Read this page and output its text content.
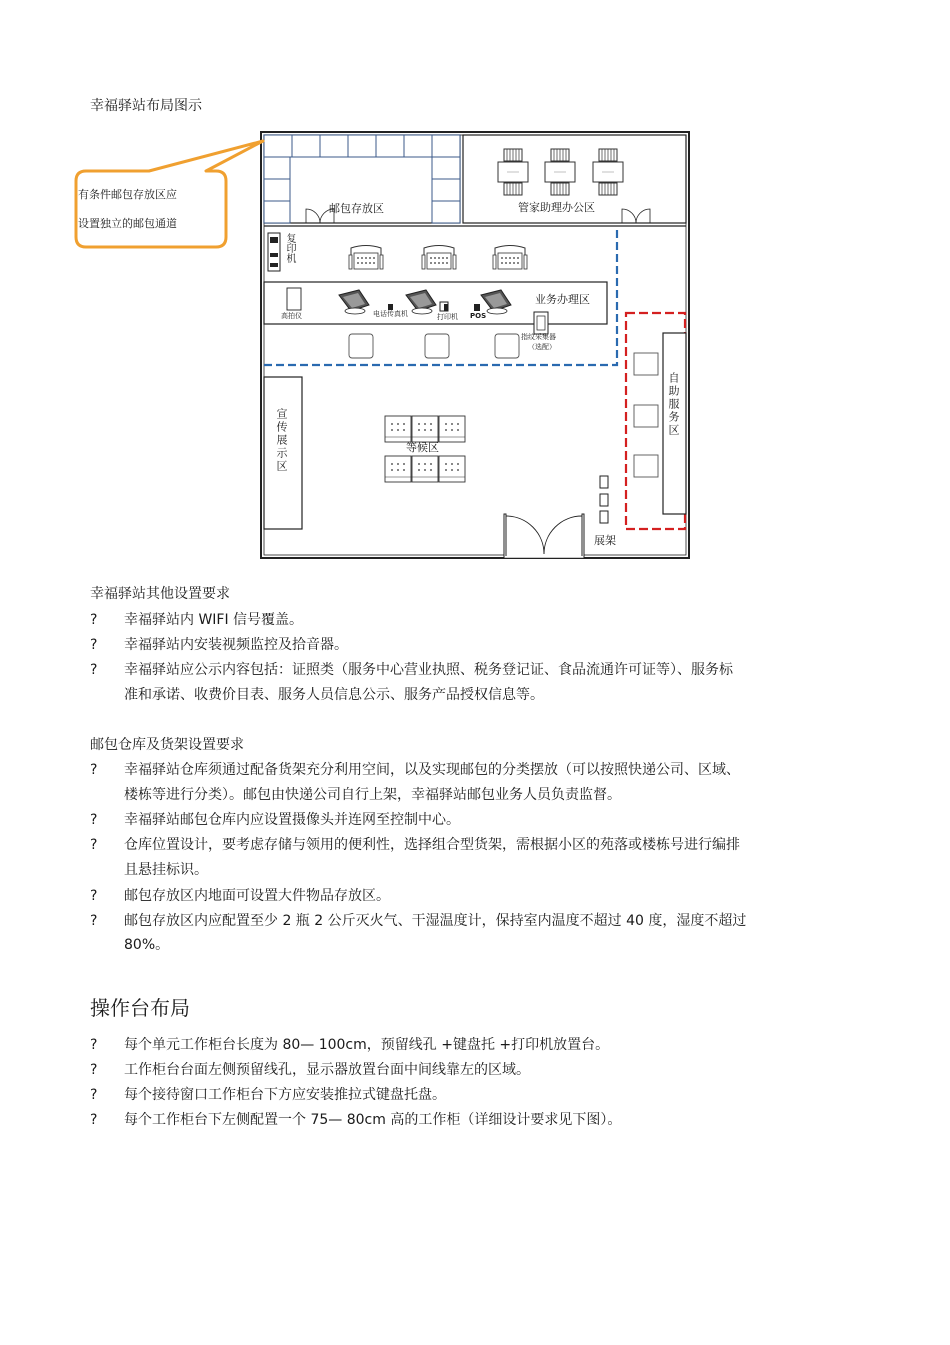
幸福驿站布局图示
有条件邮包存放区应
设置独立的邮包通道
邮包存放区	管家助理办公区
复印机
业务办理区
高拍仪	电话传真机	打印机 POS
指纹采集器
（选配）
自助服务区
宣传展示区	等候区
展架
幸福驿站其他设置要求
? 幸福驿站内 WIFI 信号覆盖。
? 幸福驿站内安装视频监控及拾音器。
? 幸福驿站应公示内容包括：证照类（服务中心营业执照、税务登记证、食品流通许可证等）、服务标
准和承诺、收费价目表、服务人员信息公示、服务产品授权信息等。
邮包仓库及货架设置要求
? 幸福驿站仓库须通过配备货架充分利用空间，以及实现邮包的分类摆放（可以按照快递公司、区域、
楼栋等进行分类）。邮包由快递公司自行上架，幸福驿站邮包业务人员负责监督。
? 幸福驿站邮包仓库内应设置摄像头并连网至控制中心。
? 仓库位置设计，要考虑存储与领用的便利性，选择组合型货架，需根据小区的苑落或楼栋号进行编排
且悬挂标识。
? 邮包存放区内地面可设置大件物品存放区。
? 邮包存放区内应配置至少 2 瓶 2 公斤灭火气、干湿温度计，保持室内温度不超过 40 度，湿度不超过
80%。
操作台布局
? 每个单元工作柜台长度为 80— 100cm，预留线孔 +键盘托 +打印机放置台。
? 工作柜台台面左侧预留线孔，显示器放置台面中间线靠左的区域。
? 每个接待窗口工作柜台下方应安装推拉式键盘托盘。
? 每个工作柜台下左侧配置一个 75— 80cm 高的工作柜（详细设计要求见下图）。
